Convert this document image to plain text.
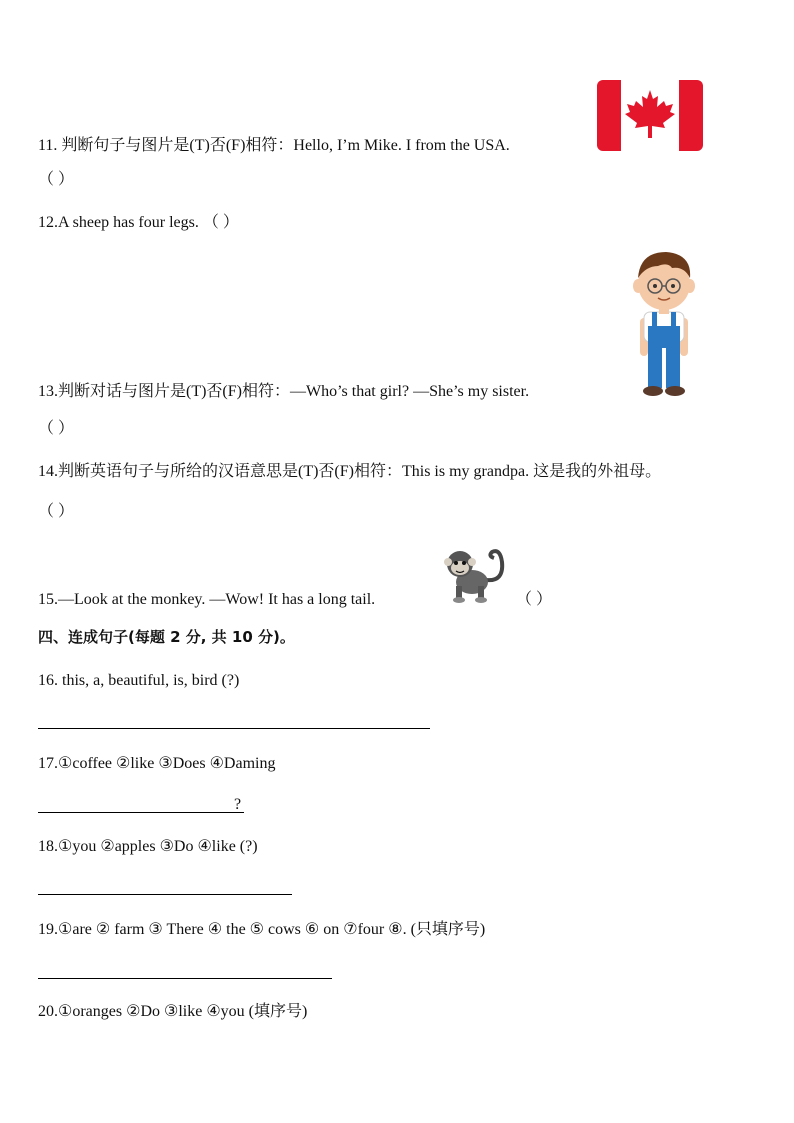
11. 判断句子与图片是(T)否(F)相符：Hello, I’m Mike. I from the USA.
（ ）
12.A sheep has four legs. （ ）
13.判断对话与图片是(T)否(F)相符：—Who’s that girl? —She’s my sister.
（ ）
14.判断英语句子与所给的汉语意思是(T)否(F)相符：This is my grandpa. 这是我的外祖母。
（ ）
15.—Look at the monkey. —Wow! It has a long tail.	（ ）
四、连成句子(每题 2 分, 共 10 分)。
16. this, a, beautiful, is, bird (?)
17.①coffee ②like ③Does ④Daming
?
18.①you ②apples ③Do ④like (?)
19.①are ② farm ③ There ④ the ⑤ cows ⑥ on ⑦four ⑧. (只填序号)
20.①oranges ②Do ③like ④you (填序号)
